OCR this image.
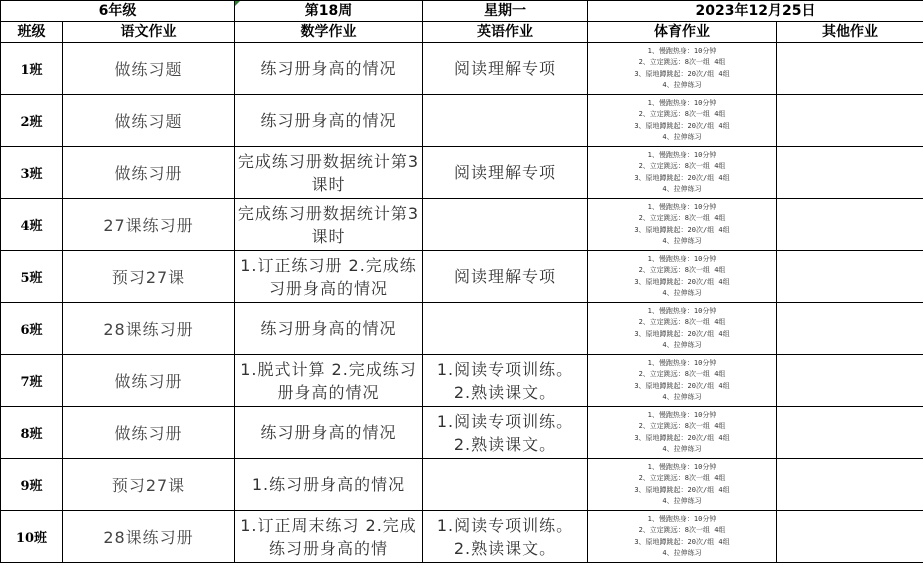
6年级		第18周	星期一	2023年12月25日	
班级	语文作业	数学作业	英语作业	体育作业	其他作业
1班	做练习题	练习册身高的情况	阅读理解专项	1、慢跑热身：10分钟
2、立定跳远：8次一组 4组
3、原地蹲跳起：20次/组 4组
4、拉伸练习	
2班	做练习题	练习册身高的情况		1、慢跑热身：10分钟
2、立定跳远：8次一组 4组
3、原地蹲跳起：20次/组 4组
4、拉伸练习	
3班	做练习册	完成练习册数据统计第3课时	阅读理解专项	1、慢跑热身：10分钟
2、立定跳远：8次一组 4组
3、原地蹲跳起：20次/组 4组
4、拉伸练习	
4班	27课练习册	完成练习册数据统计第3课时		1、慢跑热身：10分钟
2、立定跳远：8次一组 4组
3、原地蹲跳起：20次/组 4组
4、拉伸练习	
5班	预习27课	1.订正练习册 2.完成练习册身高的情况	阅读理解专项	1、慢跑热身：10分钟
2、立定跳远：8次一组 4组
3、原地蹲跳起：20次/组 4组
4、拉伸练习	
6班	28课练习册	练习册身高的情况		1、慢跑热身：10分钟
2、立定跳远：8次一组 4组
3、原地蹲跳起：20次/组 4组
4、拉伸练习	
7班	做练习册	1.脱式计算 2.完成练习册身高的情况	1.阅读专项训练。
2.熟读课文。	1、慢跑热身：10分钟
2、立定跳远：8次一组 4组
3、原地蹲跳起：20次/组 4组
4、拉伸练习	
8班	做练习册	练习册身高的情况	1.阅读专项训练。
2.熟读课文。	1、慢跑热身：10分钟
2、立定跳远：8次一组 4组
3、原地蹲跳起：20次/组 4组
4、拉伸练习	
9班	预习27课	1.练习册身高的情况		1、慢跑热身：10分钟
2、立定跳远：8次一组 4组
3、原地蹲跳起：20次/组 4组
4、拉伸练习	
10班	28课练习册	1.订正周末练习 2.完成练习册身高的情	1.阅读专项训练。
2.熟读课文。	1、慢跑热身：10分钟
2、立定跳远：8次一组 4组
3、原地蹲跳起：20次/组 4组
4、拉伸练习	
